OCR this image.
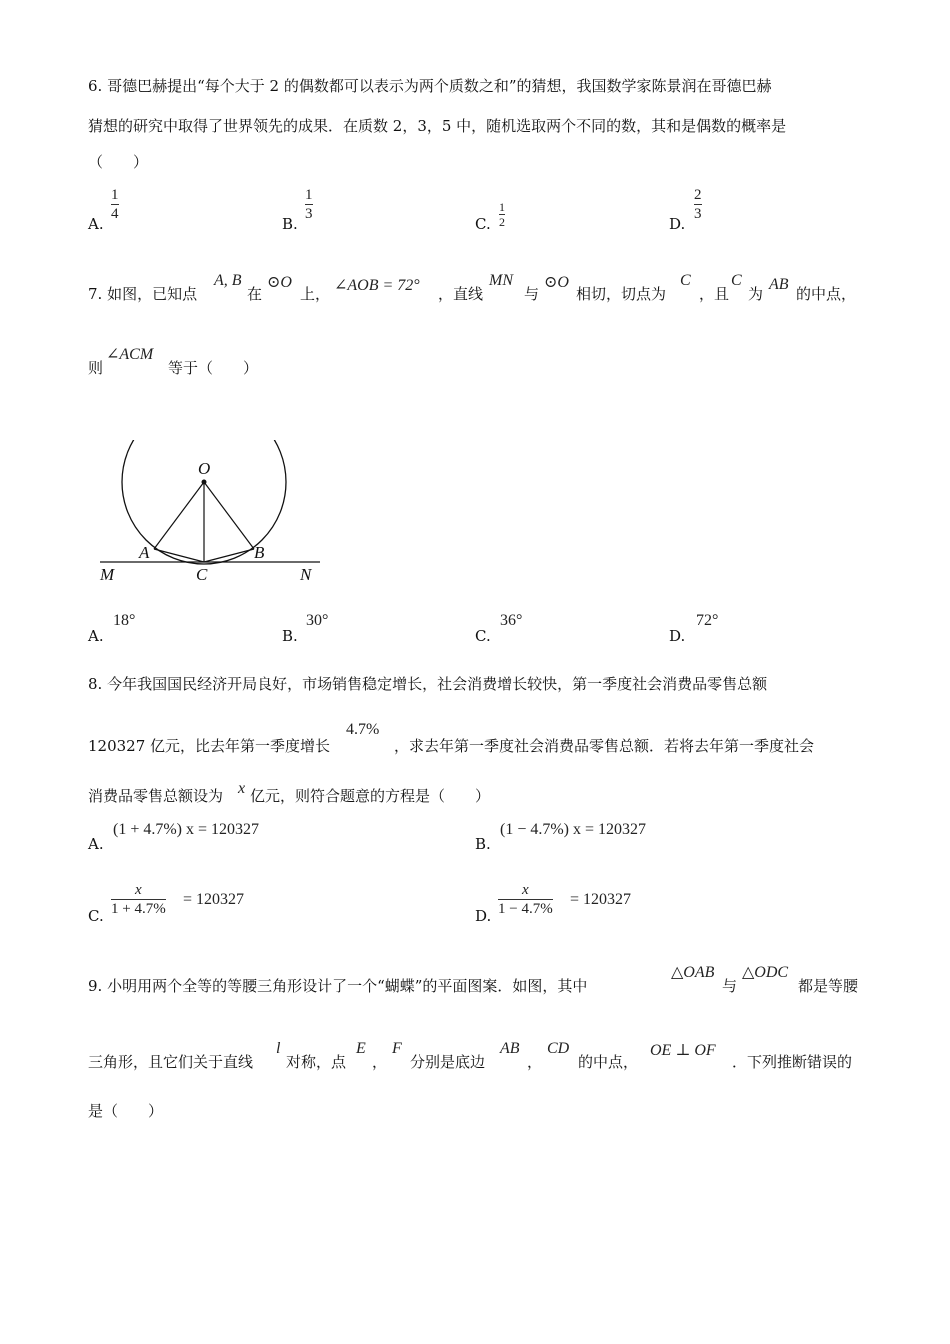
6. 哥德巴赫提出“每个大于 2 的偶数都可以表示为两个质数之和”的猜想，我国数学家陈景润在哥德巴赫
猜想的研究中取得了世界领先的成果．在质数 2，3，5 中，随机选取两个不同的数，其和是偶数的概率是
（　　）
A.
1
4
B.
1
3
C.
1
2	D.
2
3
7. 如图，已知点
A, B
在
⊙O
上， ∠AOB = 72° ，直线
MN
与
⊙O
相切，切点为
C
，且
C
为
AB
的中点，
则
∠ACM
等于（　　）
O
A	B
C
M	N
A.
18°
B.
30°
C.
36°
D.
72°
8. 今年我国国民经济开局良好，市场销售稳定增长，社会消费增长较快，第一季度社会消费品零售总额
120327 亿元，比去年第一季度增长
4.7%
，求去年第一季度社会消费品零售总额．若将去年第一季度社会
消费品零售总额设为 x 亿元，则符合题意的方程是（　　）
A.
(1 + 4.7%) x = 120327
B.
(1 − 4.7%) x = 120327
C.
x
1 + 4.7%
= 120327
D.
x
1 − 4.7%
= 120327
9. 小明用两个全等的等腰三角形设计了一个“蝴蝶”的平面图案．如图，其中
△OAB
与
△ODC
都是等腰
三角形，且它们关于直线
l
对称，点
E
，
F
分别是底边
AB
，
CD
的中点，
OE ⊥ OF
．下列推断错误的
是（　　）
